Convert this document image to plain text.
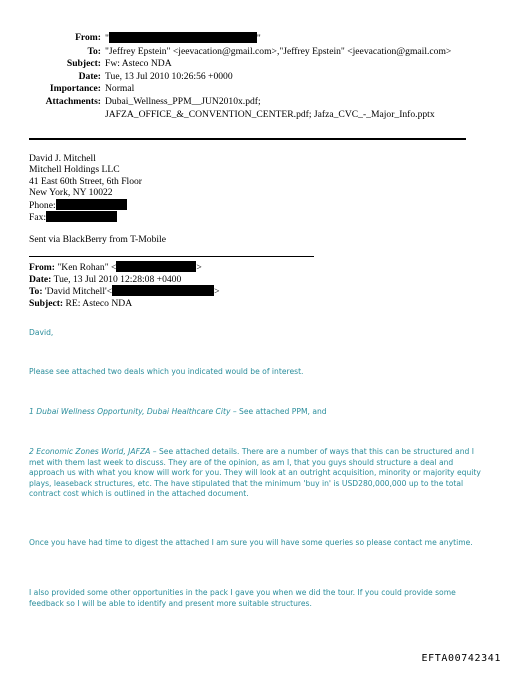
From: "	"
To: "Jeffrey Epstein" <jeevacation@gmail.com>,"Jeffrey Epstein" <jeevacation@gmail.com>
Subject: Fw: Asteco NDA
Date: Tue, 13 Jul 2010 10:26:56 +0000
Importance: Normal
Attachments: Dubai_Wellness_PPM__JUN2010x.pdf;
JAFZA_OFFICE_&_CONVENTION_CENTER.pdf; Jafza_CVC_-_Major_Info.pptx
David J. Mitchell
Mitchell Holdings LLC
41 East 60th Street, 6th Floor
New York, NY 10022
Phone:
Fax:
Sent via BlackBerry from T-Mobile
From: "Ken Rohan" <	>
Date: Tue, 13 Jul 2010 12:28:08 +0400
To: 'David Mitchell'<	>
Subject: RE: Asteco NDA

David,

Please see attached two deals which you indicated would be of interest.

1 Dubai Wellness Opportunity, Dubai Healthcare City – See attached PPM, and

2 Economic Zones World, JAFZA – See attached details. There are a number of ways that this can be structured and I met with them last week to discuss. They are of the opinion, as am I, that you guys should structure a deal and approach us with what you know will work for you. They will look at an outright acquisition, minority or majority equity plays, leaseback structures, etc. The have stipulated that the minimum 'buy in' is USD280,000,000 up to the total contract cost which is outlined in the attached document.

Once you have had time to digest the attached I am sure you will have some queries so please contact me anytime.

I also provided some other opportunities in the pack I gave you when we did the tour. If you could provide some feedback so I will be able to identify and present more suitable structures.

EFTA00742341
